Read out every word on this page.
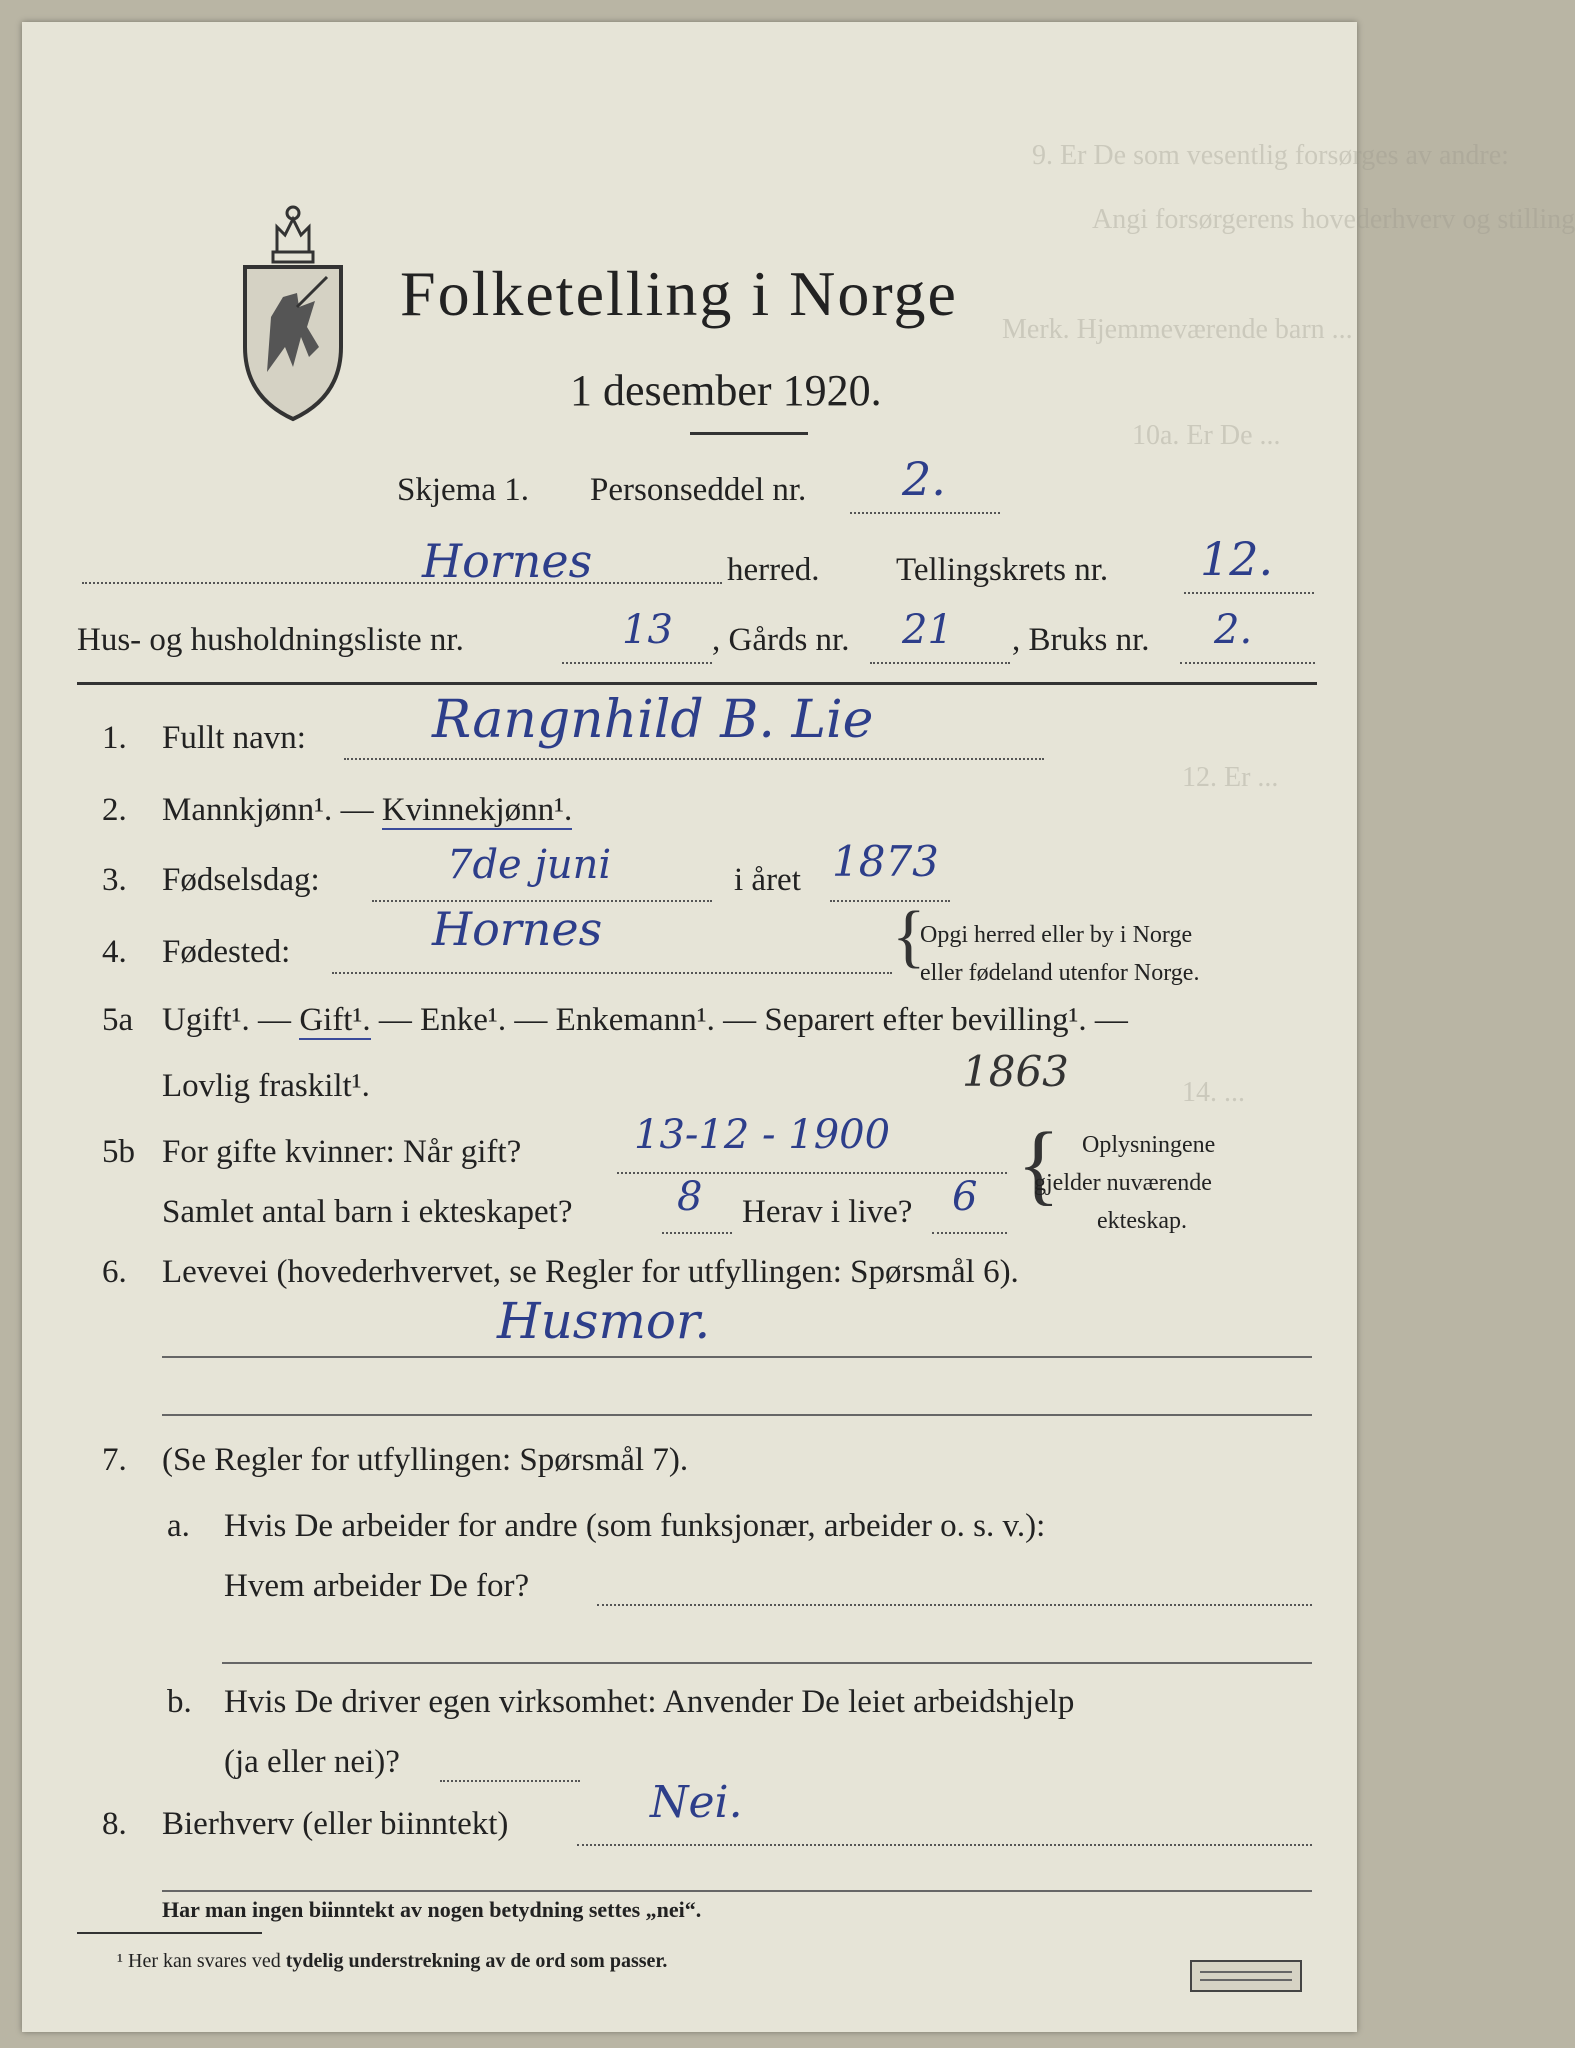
9. Er De som vesentlig forsørges av andre:
Angi forsørgerens hovederhverv og stilling
Merk. Hjemmeværende barn ...
10a. Er De ...
12. Er ...
14. ...
Folketelling i Norge
1 desember 1920.
Skjema 1. Personseddel nr. 2.
Hornes	herred. Tellingskrets nr. 12.
Hus- og husholdningsliste nr.	13 , Gårds nr. 21 , Bruks nr. 2.
1. Fullt navn: Rangnhild B. Lie
2. Mannkjønn¹. — Kvinnekjønn¹.
3. Fødselsdag:	7de juni	i året 1873
4. Fødested:	Hornes	{
Opgi herred eller by i Norge
eller fødeland utenfor Norge.
5a Ugift¹. — Gift¹. — Enke¹. — Enkemann¹. — Separert efter bevilling¹. —
Lovlig fraskilt¹.	1863
5b For gifte kvinner: Når gift?	13-12 - 1900
Samlet antal barn i ekteskapet?	8 Herav i live? 6 { Oplysningene
gjelder nuværende
ekteskap.
6. Levevei (hovederhvervet, se Regler for utfyllingen: Spørsmål 6).
Husmor.
7. (Se Regler for utfyllingen: Spørsmål 7).
a. Hvis De arbeider for andre (som funksjonær, arbeider o. s. v.):
Hvem arbeider De for?
b. Hvis De driver egen virksomhet: Anvender De leiet arbeidshjelp
(ja eller nei)?
8. Bierhverv (eller biinntekt)	Nei.
Har man ingen biinntekt av nogen betydning settes „nei“.
¹ Her kan svares ved tydelig understrekning av de ord som passer.
